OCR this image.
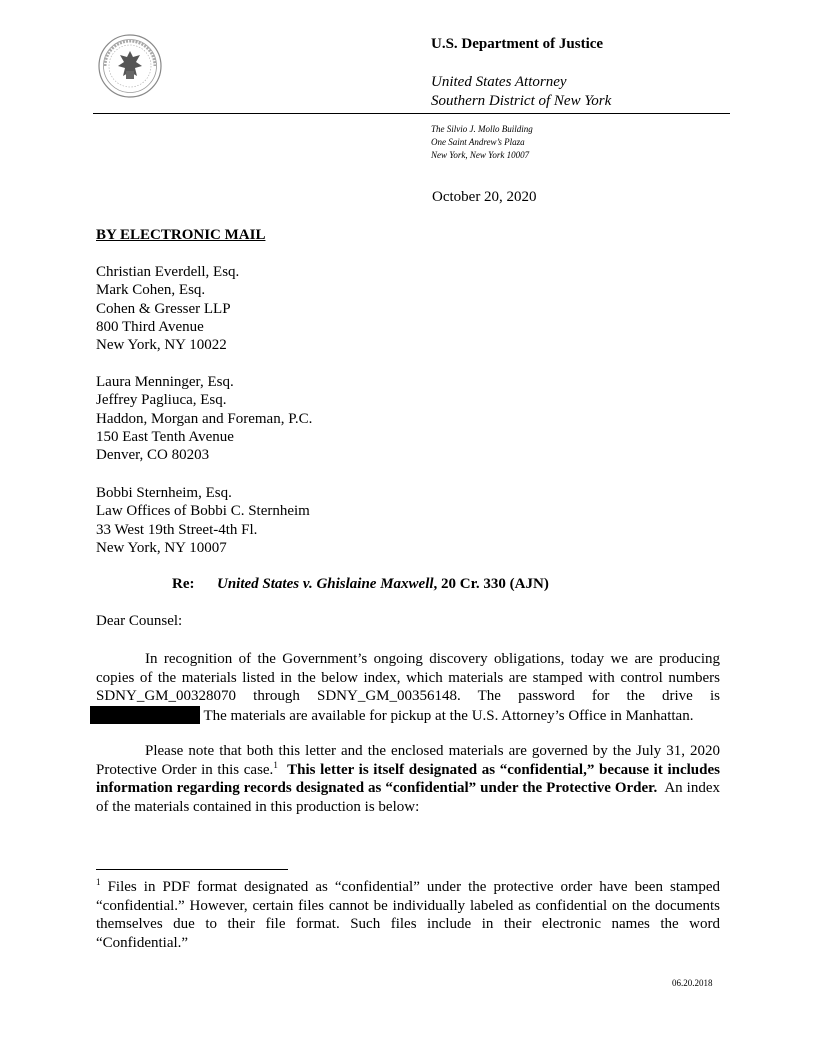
U.S. Department of Justice
United States Attorney
Southern District of New York
The Silvio J. Mollo Building
One Saint Andrew’s Plaza
New York, New York 10007
October 20, 2020
BY ELECTRONIC MAIL
Christian Everdell, Esq.
Mark Cohen, Esq.
Cohen & Gresser LLP
800 Third Avenue
New York, NY 10022
Laura Menninger, Esq.
Jeffrey Pagliuca, Esq.
Haddon, Morgan and Foreman, P.C.
150 East Tenth Avenue
Denver, CO 80203
Bobbi Sternheim, Esq.
Law Offices of Bobbi C. Sternheim
33 West 19th Street-4th Fl.
New York, NY 10007
Re: United States v. Ghislaine Maxwell, 20 Cr. 330 (AJN)
Dear Counsel:
In recognition of the Government’s ongoing discovery obligations, today we are producing copies of the materials listed in the below index, which materials are stamped with control numbers SDNY_GM_00328070 through SDNY_GM_00356148. The password for the drive is  The materials are available for pickup at the U.S. Attorney’s Office in Manhattan.
Please note that both this letter and the enclosed materials are governed by the July 31, 2020 Protective Order in this case.$^1$ This letter is itself designated as “confidential,” because it includes information regarding records designated as “confidential” under the Protective Order. An index of the materials contained in this production is below:
$^1$ Files in PDF format designated as “confidential” under the protective order have been stamped “confidential.” However, certain files cannot be individually labeled as confidential on the documents themselves due to their file format. Such files include in their electronic names the word “Confidential.”
06.20.2018
